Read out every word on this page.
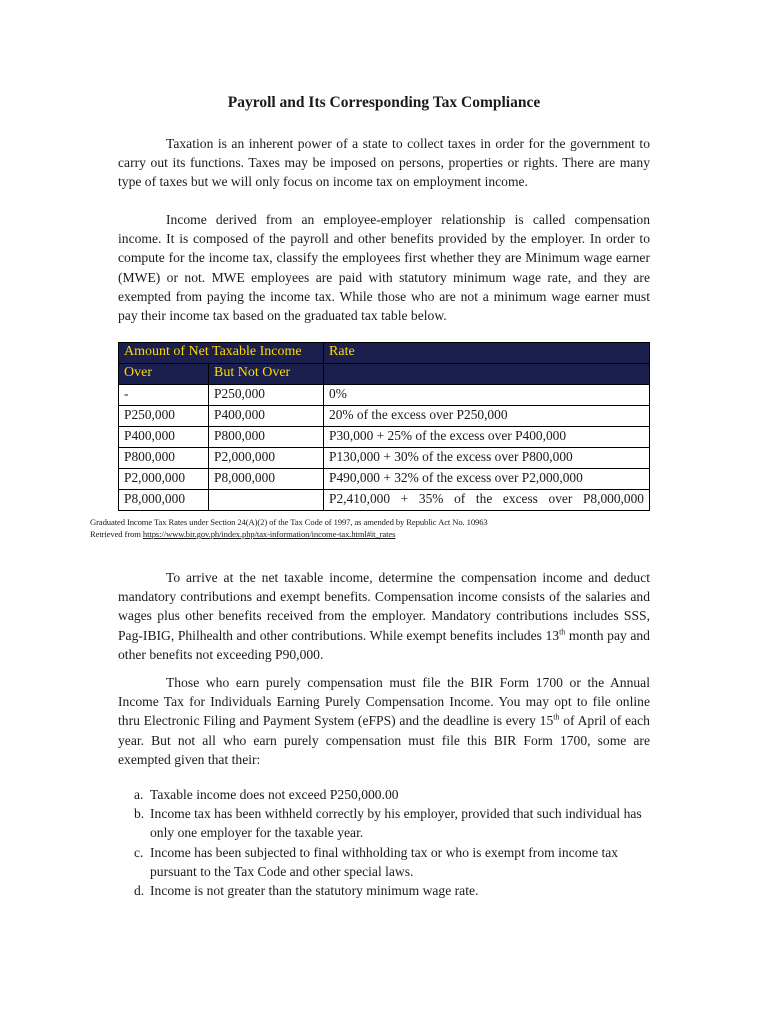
Payroll and Its Corresponding Tax Compliance

Taxation is an inherent power of a state to collect taxes in order for the government to carry out its functions. Taxes may be imposed on persons, properties or rights. There are many type of taxes but we will only focus on income tax on employment income.

Income derived from an employee-employer relationship is called compensation income. It is composed of the payroll and other benefits provided by the employer. In order to compute for the income tax, classify the employees first whether they are Minimum wage earner (MWE) or not. MWE employees are paid with statutory minimum wage rate, and they are exempted from paying the income tax. While those who are not a minimum wage earner must pay their income tax based on the graduated tax table below.

Amount of Net Taxable Income		Rate
Over	But Not Over	
-	P250,000	0%
P250,000	P400,000	20% of the excess over P250,000
P400,000	P800,000	P30,000 + 25% of the excess over P400,000
P800,000	P2,000,000	P130,000 + 30% of the excess over P800,000
P2,000,000	P8,000,000	P490,000 + 32% of the excess over P2,000,000
P8,000,000		P2,410,000 + 35% of the excess over P8,000,000
Graduated Income Tax Rates under Section 24(A)(2) of the Tax Code of 1997, as amended by Republic Act No. 10963
Retrieved from https://www.bir.gov.ph/index.php/tax-information/income-tax.html#it_rates

To arrive at the net taxable income, determine the compensation income and deduct mandatory contributions and exempt benefits. Compensation income consists of the salaries and wages plus other benefits received from the employer. Mandatory contributions includes SSS, Pag-IBIG, Philhealth and other contributions. While exempt benefits includes 13th month pay and other benefits not exceeding P90,000.

Those who earn purely compensation must file the BIR Form 1700 or the Annual Income Tax for Individuals Earning Purely Compensation Income. You may opt to file online thru Electronic Filing and Payment System (eFPS) and the deadline is every 15th of April of each year. But not all who earn purely compensation must file this BIR Form 1700, some are exempted given that their:

a. Taxable income does not exceed P250,000.00
b. Income tax has been withheld correctly by his employer, provided that such individual has only one employer for the taxable year.
c. Income has been subjected to final withholding tax or who is exempt from income tax pursuant to the Tax Code and other special laws.
d. Income is not greater than the statutory minimum wage rate.
